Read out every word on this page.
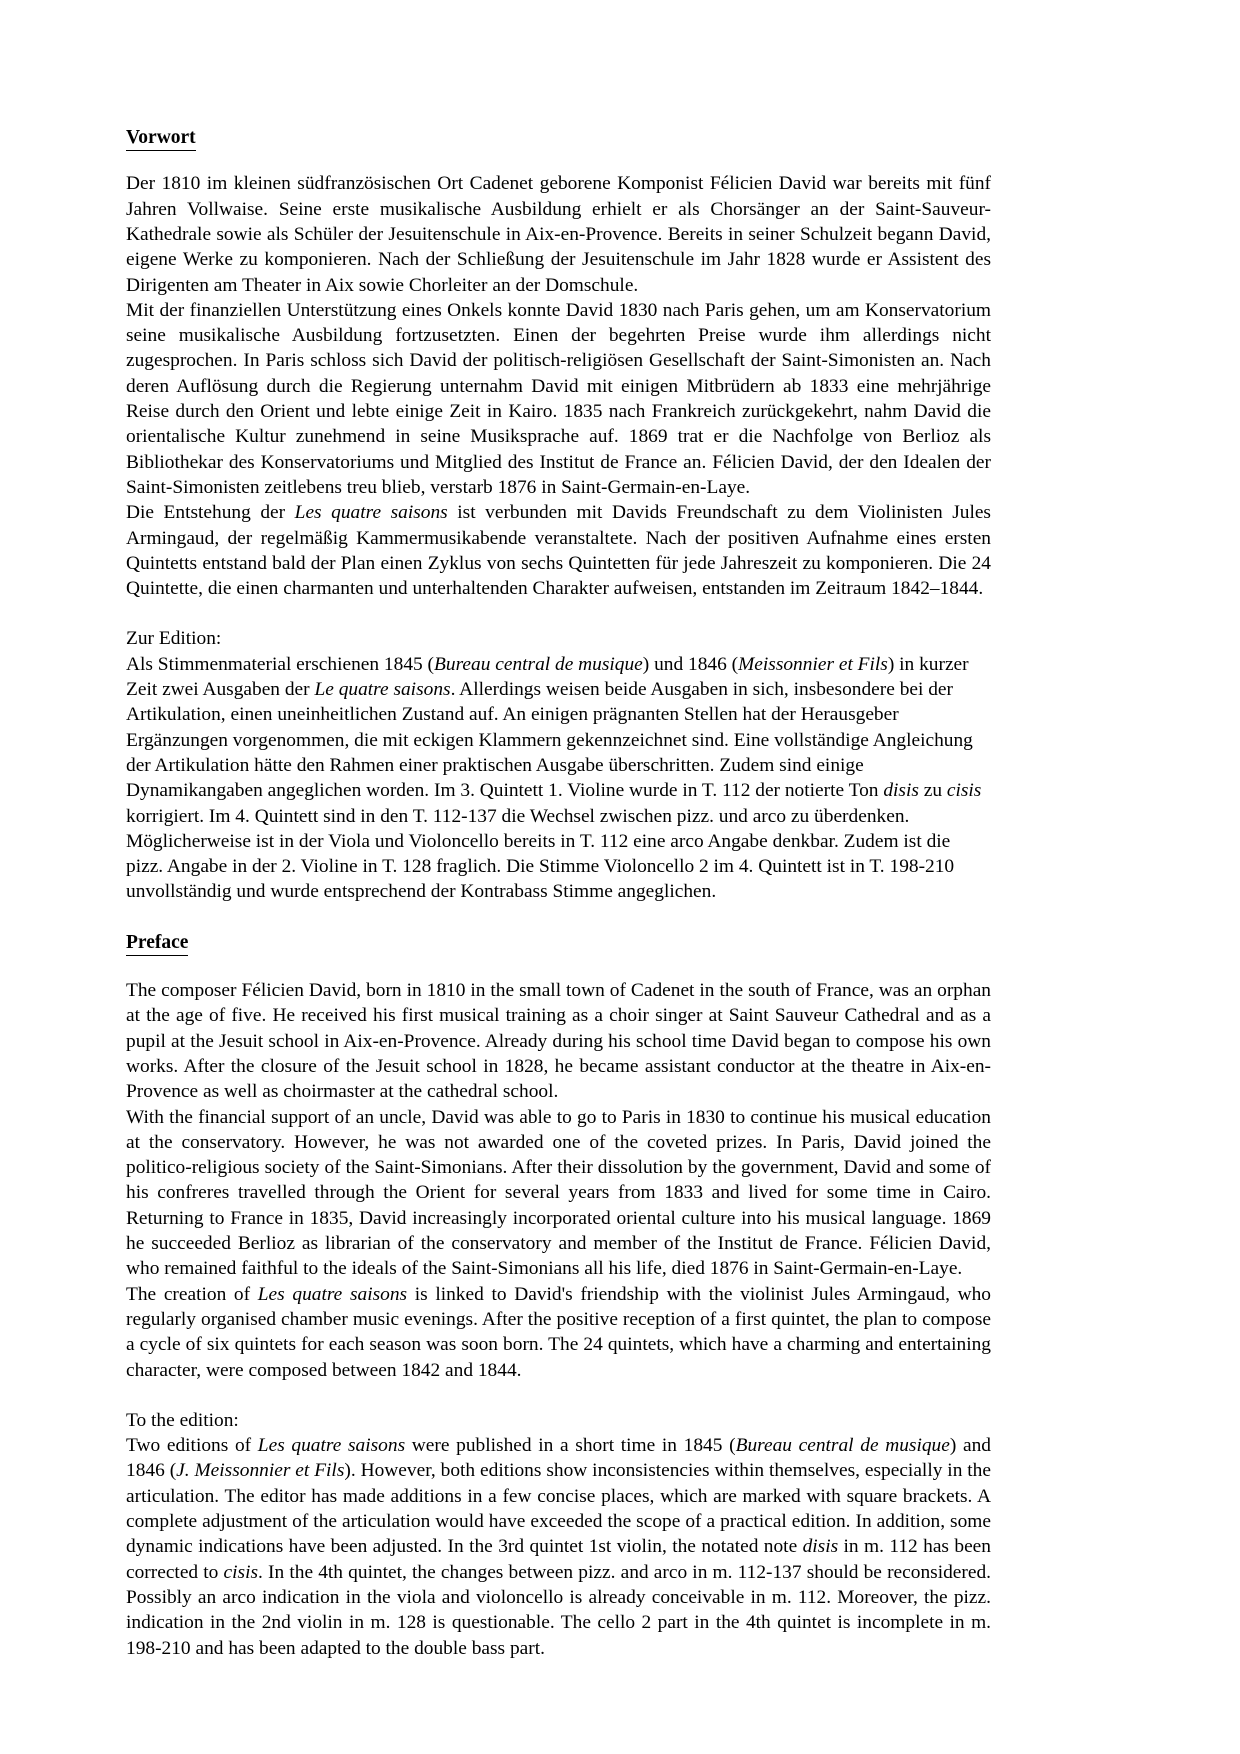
Vorwort

Der 1810 im kleinen südfranzösischen Ort Cadenet geborene Komponist Félicien David war bereits mit fünf Jahren Vollwaise. Seine erste musikalische Ausbildung erhielt er als Chorsänger an der Saint-Sauveur-Kathedrale sowie als Schüler der Jesuitenschule in Aix-en-Provence. Bereits in seiner Schulzeit begann David, eigene Werke zu komponieren. Nach der Schließung der Jesuitenschule im Jahr 1828 wurde er Assistent des Dirigenten am Theater in Aix sowie Chorleiter an der Domschule.

Mit der finanziellen Unterstützung eines Onkels konnte David 1830 nach Paris gehen, um am Konservatorium seine musikalische Ausbildung fortzusetzten. Einen der begehrten Preise wurde ihm allerdings nicht zugesprochen. In Paris schloss sich David der politisch-religiösen Gesellschaft der Saint-Simonisten an. Nach deren Auflösung durch die Regierung unternahm David mit einigen Mitbrüdern ab 1833 eine mehrjährige Reise durch den Orient und lebte einige Zeit in Kairo. 1835 nach Frankreich zurückgekehrt, nahm David die orientalische Kultur zunehmend in seine Musiksprache auf. 1869 trat er die Nachfolge von Berlioz als Bibliothekar des Konservatoriums und Mitglied des Institut de France an. Félicien David, der den Idealen der Saint-Simonisten zeitlebens treu blieb, verstarb 1876 in Saint-Germain-en-Laye.

Die Entstehung der Les quatre saisons ist verbunden mit Davids Freundschaft zu dem Violinisten Jules Armingaud, der regelmäßig Kammermusikabende veranstaltete. Nach der positiven Aufnahme eines ersten Quintetts entstand bald der Plan einen Zyklus von sechs Quintetten für jede Jahreszeit zu komponieren. Die 24 Quintette, die einen charmanten und unterhaltenden Charakter aufweisen, entstanden im Zeitraum 1842–1844.

Zur Edition:

Als Stimmenmaterial erschienen 1845 (Bureau central de musique) und 1846 (Meissonnier et Fils) in kurzer Zeit zwei Ausgaben der Le quatre saisons. Allerdings weisen beide Ausgaben in sich, insbesondere bei der Artikulation, einen uneinheitlichen Zustand auf. An einigen prägnanten Stellen hat der Herausgeber Ergänzungen vorgenommen, die mit eckigen Klammern gekennzeichnet sind. Eine vollständige Angleichung der Artikulation hätte den Rahmen einer praktischen Ausgabe überschritten. Zudem sind einige Dynamikangaben angeglichen worden. Im 3. Quintett 1. Violine wurde in T. 112 der notierte Ton disis zu cisis korrigiert. Im 4. Quintett sind in den T. 112-137 die Wechsel zwischen pizz. und arco zu überdenken. Möglicherweise ist in der Viola und Violoncello bereits in T. 112 eine arco Angabe denkbar. Zudem ist die pizz. Angabe in der 2. Violine in T. 128 fraglich. Die Stimme Violoncello 2 im 4. Quintett ist in T. 198-210 unvollständig und wurde entsprechend der Kontrabass Stimme angeglichen.

Preface

The composer Félicien David, born in 1810 in the small town of Cadenet in the south of France, was an orphan at the age of five. He received his first musical training as a choir singer at Saint Sauveur Cathedral and as a pupil at the Jesuit school in Aix-en-Provence. Already during his school time David began to compose his own works. After the closure of the Jesuit school in 1828, he became assistant conductor at the theatre in Aix-en-Provence as well as choirmaster at the cathedral school.

With the financial support of an uncle, David was able to go to Paris in 1830 to continue his musical education at the conservatory. However, he was not awarded one of the coveted prizes. In Paris, David joined the politico-religious society of the Saint-Simonians. After their dissolution by the government, David and some of his confreres travelled through the Orient for several years from 1833 and lived for some time in Cairo. Returning to France in 1835, David increasingly incorporated oriental culture into his musical language. 1869 he succeeded Berlioz as librarian of the conservatory and member of the Institut de France. Félicien David, who remained faithful to the ideals of the Saint-Simonians all his life, died 1876 in Saint-Germain-en-Laye.

The creation of Les quatre saisons is linked to David's friendship with the violinist Jules Armingaud, who regularly organised chamber music evenings. After the positive reception of a first quintet, the plan to compose a cycle of six quintets for each season was soon born. The 24 quintets, which have a charming and entertaining character, were composed between 1842 and 1844.

To the edition:

Two editions of Les quatre saisons were published in a short time in 1845 (Bureau central de musique) and 1846 (J. Meissonnier et Fils). However, both editions show inconsistencies within themselves, especially in the articulation. The editor has made additions in a few concise places, which are marked with square brackets. A complete adjustment of the articulation would have exceeded the scope of a practical edition. In addition, some dynamic indications have been adjusted. In the 3rd quintet 1st violin, the notated note disis in m. 112 has been corrected to cisis. In the 4th quintet, the changes between pizz. and arco in m. 112-137 should be reconsidered. Possibly an arco indication in the viola and violoncello is already conceivable in m. 112. Moreover, the pizz. indication in the 2nd violin in m. 128 is questionable. The cello 2 part in the 4th quintet is incomplete in m. 198-210 and has been adapted to the double bass part.
